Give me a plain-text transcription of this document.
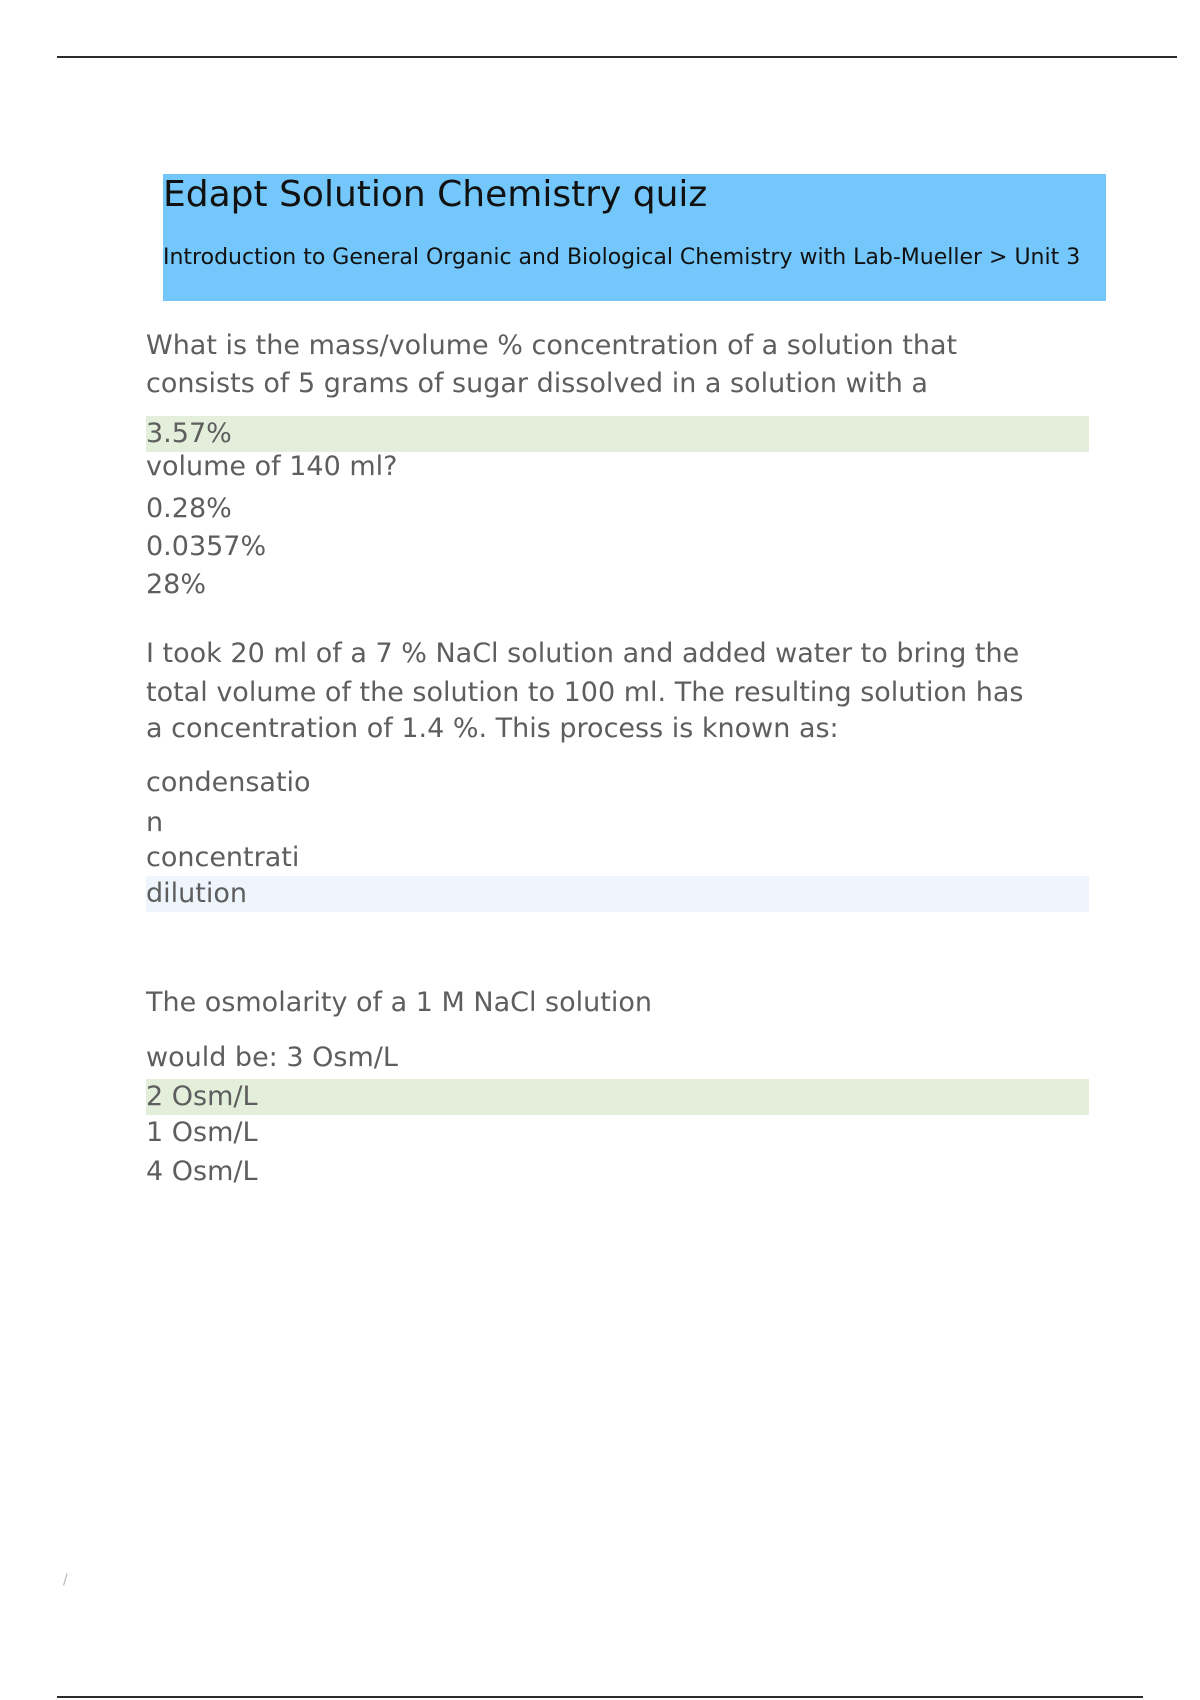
Edapt Solution Chemistry quiz
Introduction to General Organic and Biological Chemistry with Lab-Mueller > Unit 3
What is the mass/volume % concentration of a solution that
consists of 5 grams of sugar dissolved in a solution with a
3.57%
volume of 140 ml?
0.28%
0.0357%
28%
I took 20 ml of a 7 % NaCl solution and added water to bring the
total volume of the solution to 100 ml. The resulting solution has
a concentration of 1.4 %. This process is known as:
condensatio
n
concentrati
dilution
The osmolarity of a 1 M NaCl solution
would be: 3 Osm/L
2 Osm/L
1 Osm/L
4 Osm/L
/
